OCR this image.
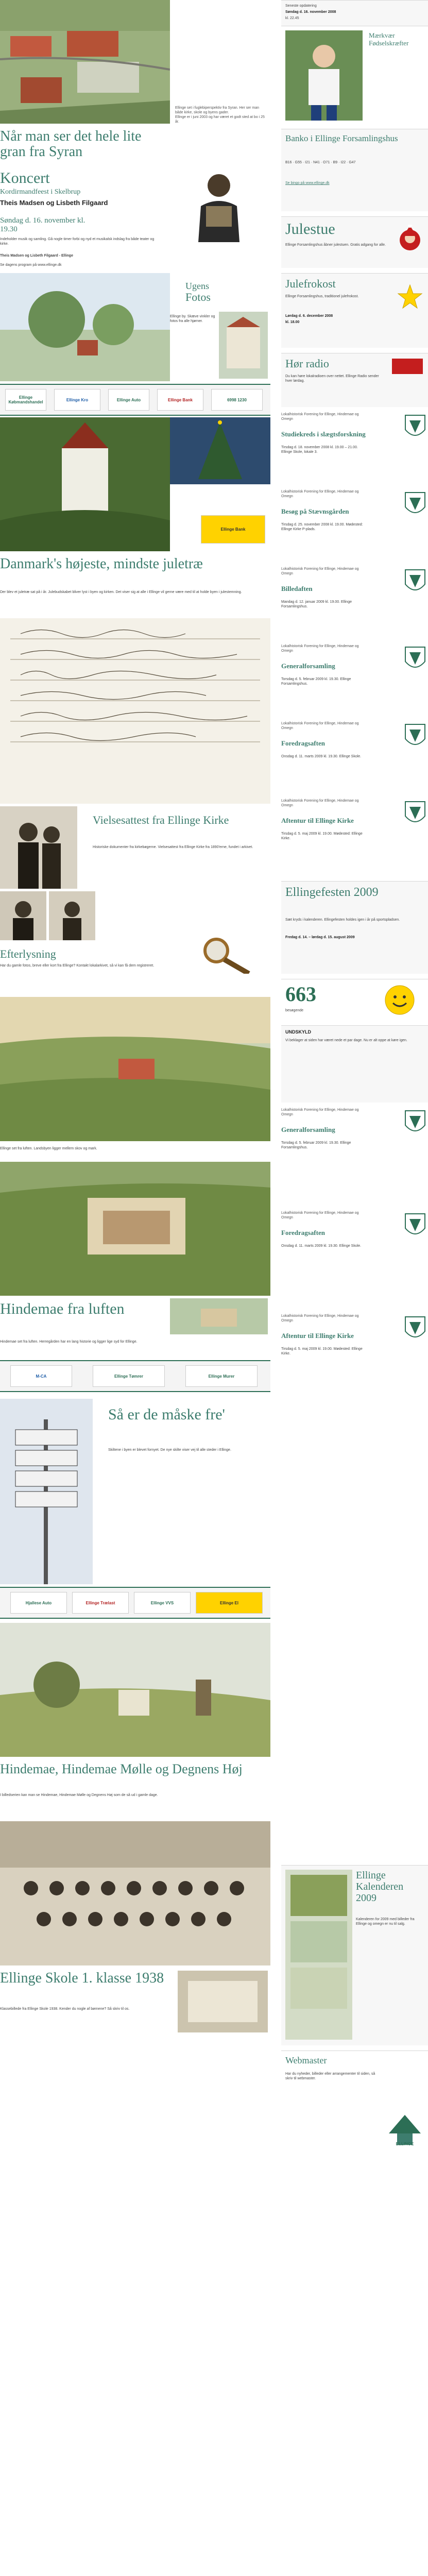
Ellinge set i fuglebiperspektiv fra Syran. Her ser man både kirke, skole og byens gader.
Ellinge er i juni 2003 og har været et godt sted at bo i 25 år.
Når man ser det hele lite gran fra Syran
Koncert
Kordirmandfeest i Skelbrup
Theis Madsen og Lisbeth Filgaard
Søndag d. 16. november kl. 19.30
Indeholder musik og samling. Gå nogle timer forbi og nyd et musikalsk indslag fra både teater og kirke.
Theis Madsen og Lisbeth Filgaard - Ellinge
Se dagens program på www.ellinge.dk
Ugens
Fotos
Ellinge by. Skæve vinkler og fotos fra alle hjørner.
Ellinge Købmandshandel	Ellinge Kro	Ellinge Auto	Ellinge Bank	6998 1230
Ellinge Bank
Danmark's højeste, mindste juletræ
Der blev et juletræ sat på i år. Julebudskabet bliver lyst i byen og kirken. Det viser sig at alle i Ellinge vil gerne være med til at holde byen i julestemning.
Vielsesattest fra Ellinge Kirke
Historiske dokumenter fra kirkebøgerne. Vielsesattest fra Ellinge Kirke fra 1890'erne, fundet i arkivet.
Efterlysning
Har du gamle fotos, breve eller kort fra Ellinge? Kontakt lokalarkivet, så vi kan få dem registreret.
Ellinge set fra luften. Landsbyen ligger mellem skov og mark.
Hindemae fra luften
Hindemae set fra luften. Herregården har en lang historie og ligger lige syd for Ellinge.
M-CA	Ellinge Tømrer	Ellinge Murer
Så er de måske fre'
Skiltene i byen er blevet fornyet. De nye skilte viser vej til alle steder i Ellinge.
Hjallese Auto	Ellinge Trælast	Ellinge VVS	Ellinge El
Hindemae, Hindemae Mølle og Degnens Høj
I billedserien kan man se Hindemae, Hindemae Mølle og Degnens Høj som de så ud i gamle dage.
Ellinge Skole 1. klasse 1938
Klassebillede fra Ellinge Skole 1938. Kender du nogle af børnene? Så skriv til os.
Seneste opdatering
Søndag d. 16. november 2008
kl. 22.45
Mærkvær Fødselskræfter
Banko i Ellinge Forsamlingshus
B16 · G55 · I21 · N41 · O71 · B9 · I22 · G47
Se bingo på www.ellinge.dk
Julestue
Ellinge Forsamlingshus åbner julestuen. Gratis adgang for alle.
Julefrokost
Ellinge Forsamlingshus, traditionel julefrokost.
Lørdag d. 6. december 2008
kl. 18.00
Hør radio
Du kan høre lokalradioen over nettet. Ellinge Radio sender hver lørdag.
Lokalhistorisk Forening for Ellinge, Hindemae og Omegn
Studiekreds i slægtsforskning
Tirsdag d. 18. november 2008 kl. 19.00 – 21.00. Ellinge Skole, lokale 3.
Lokalhistorisk Forening for Ellinge, Hindemae og Omegn
Besøg på Stævnsgården
Tirsdag d. 25. november 2008 kl. 19.00. Mødested: Ellinge Kirke P-plads.
Lokalhistorisk Forening for Ellinge, Hindemae og Omegn
Billedaften
Mandag d. 12. januar 2009 kl. 19.00. Ellinge Forsamlingshus.
Lokalhistorisk Forening for Ellinge, Hindemae og Omegn
Generalforsamling
Torsdag d. 5. februar 2009 kl. 19.30. Ellinge Forsamlingshus.
Lokalhistorisk Forening for Ellinge, Hindemae og Omegn
Foredragsaften
Onsdag d. 11. marts 2009 kl. 19.30. Ellinge Skole.
Lokalhistorisk Forening for Ellinge, Hindemae og Omegn
Aftentur til Ellinge Kirke
Tirsdag d. 5. maj 2009 kl. 19.00. Mødested: Ellinge Kirke.
Ellingefesten 2009
Sæt kryds i kalenderen. Ellingefesten holdes igen i år på sportspladsen.
Fredag d. 14. – lørdag d. 15. august 2009
663
besøgende
UNDSKYLD
Vi beklager at siden har været nede et par dage. Nu er alt oppe at køre igen.
Lokalhistorisk Forening for Ellinge, Hindemae og Omegn
Generalforsamling
Torsdag d. 5. februar 2009 kl. 19.30. Ellinge Forsamlingshus.
Lokalhistorisk Forening for Ellinge, Hindemae og Omegn
Foredragsaften
Onsdag d. 11. marts 2009 kl. 19.30. Ellinge Skole.
Lokalhistorisk Forening for Ellinge, Hindemae og Omegn
Aftentur til Ellinge Kirke
Tirsdag d. 5. maj 2009 kl. 19.00. Mødested: Ellinge Kirke.
Ellinge Kalenderen 2009
Kalenderen for 2009 med billeder fra Ellinge og omegn er nu til salg.
Webmaster
Har du nyheder, billeder eller arrangementer til siden, så skriv til webmaster.
ELLINGE
